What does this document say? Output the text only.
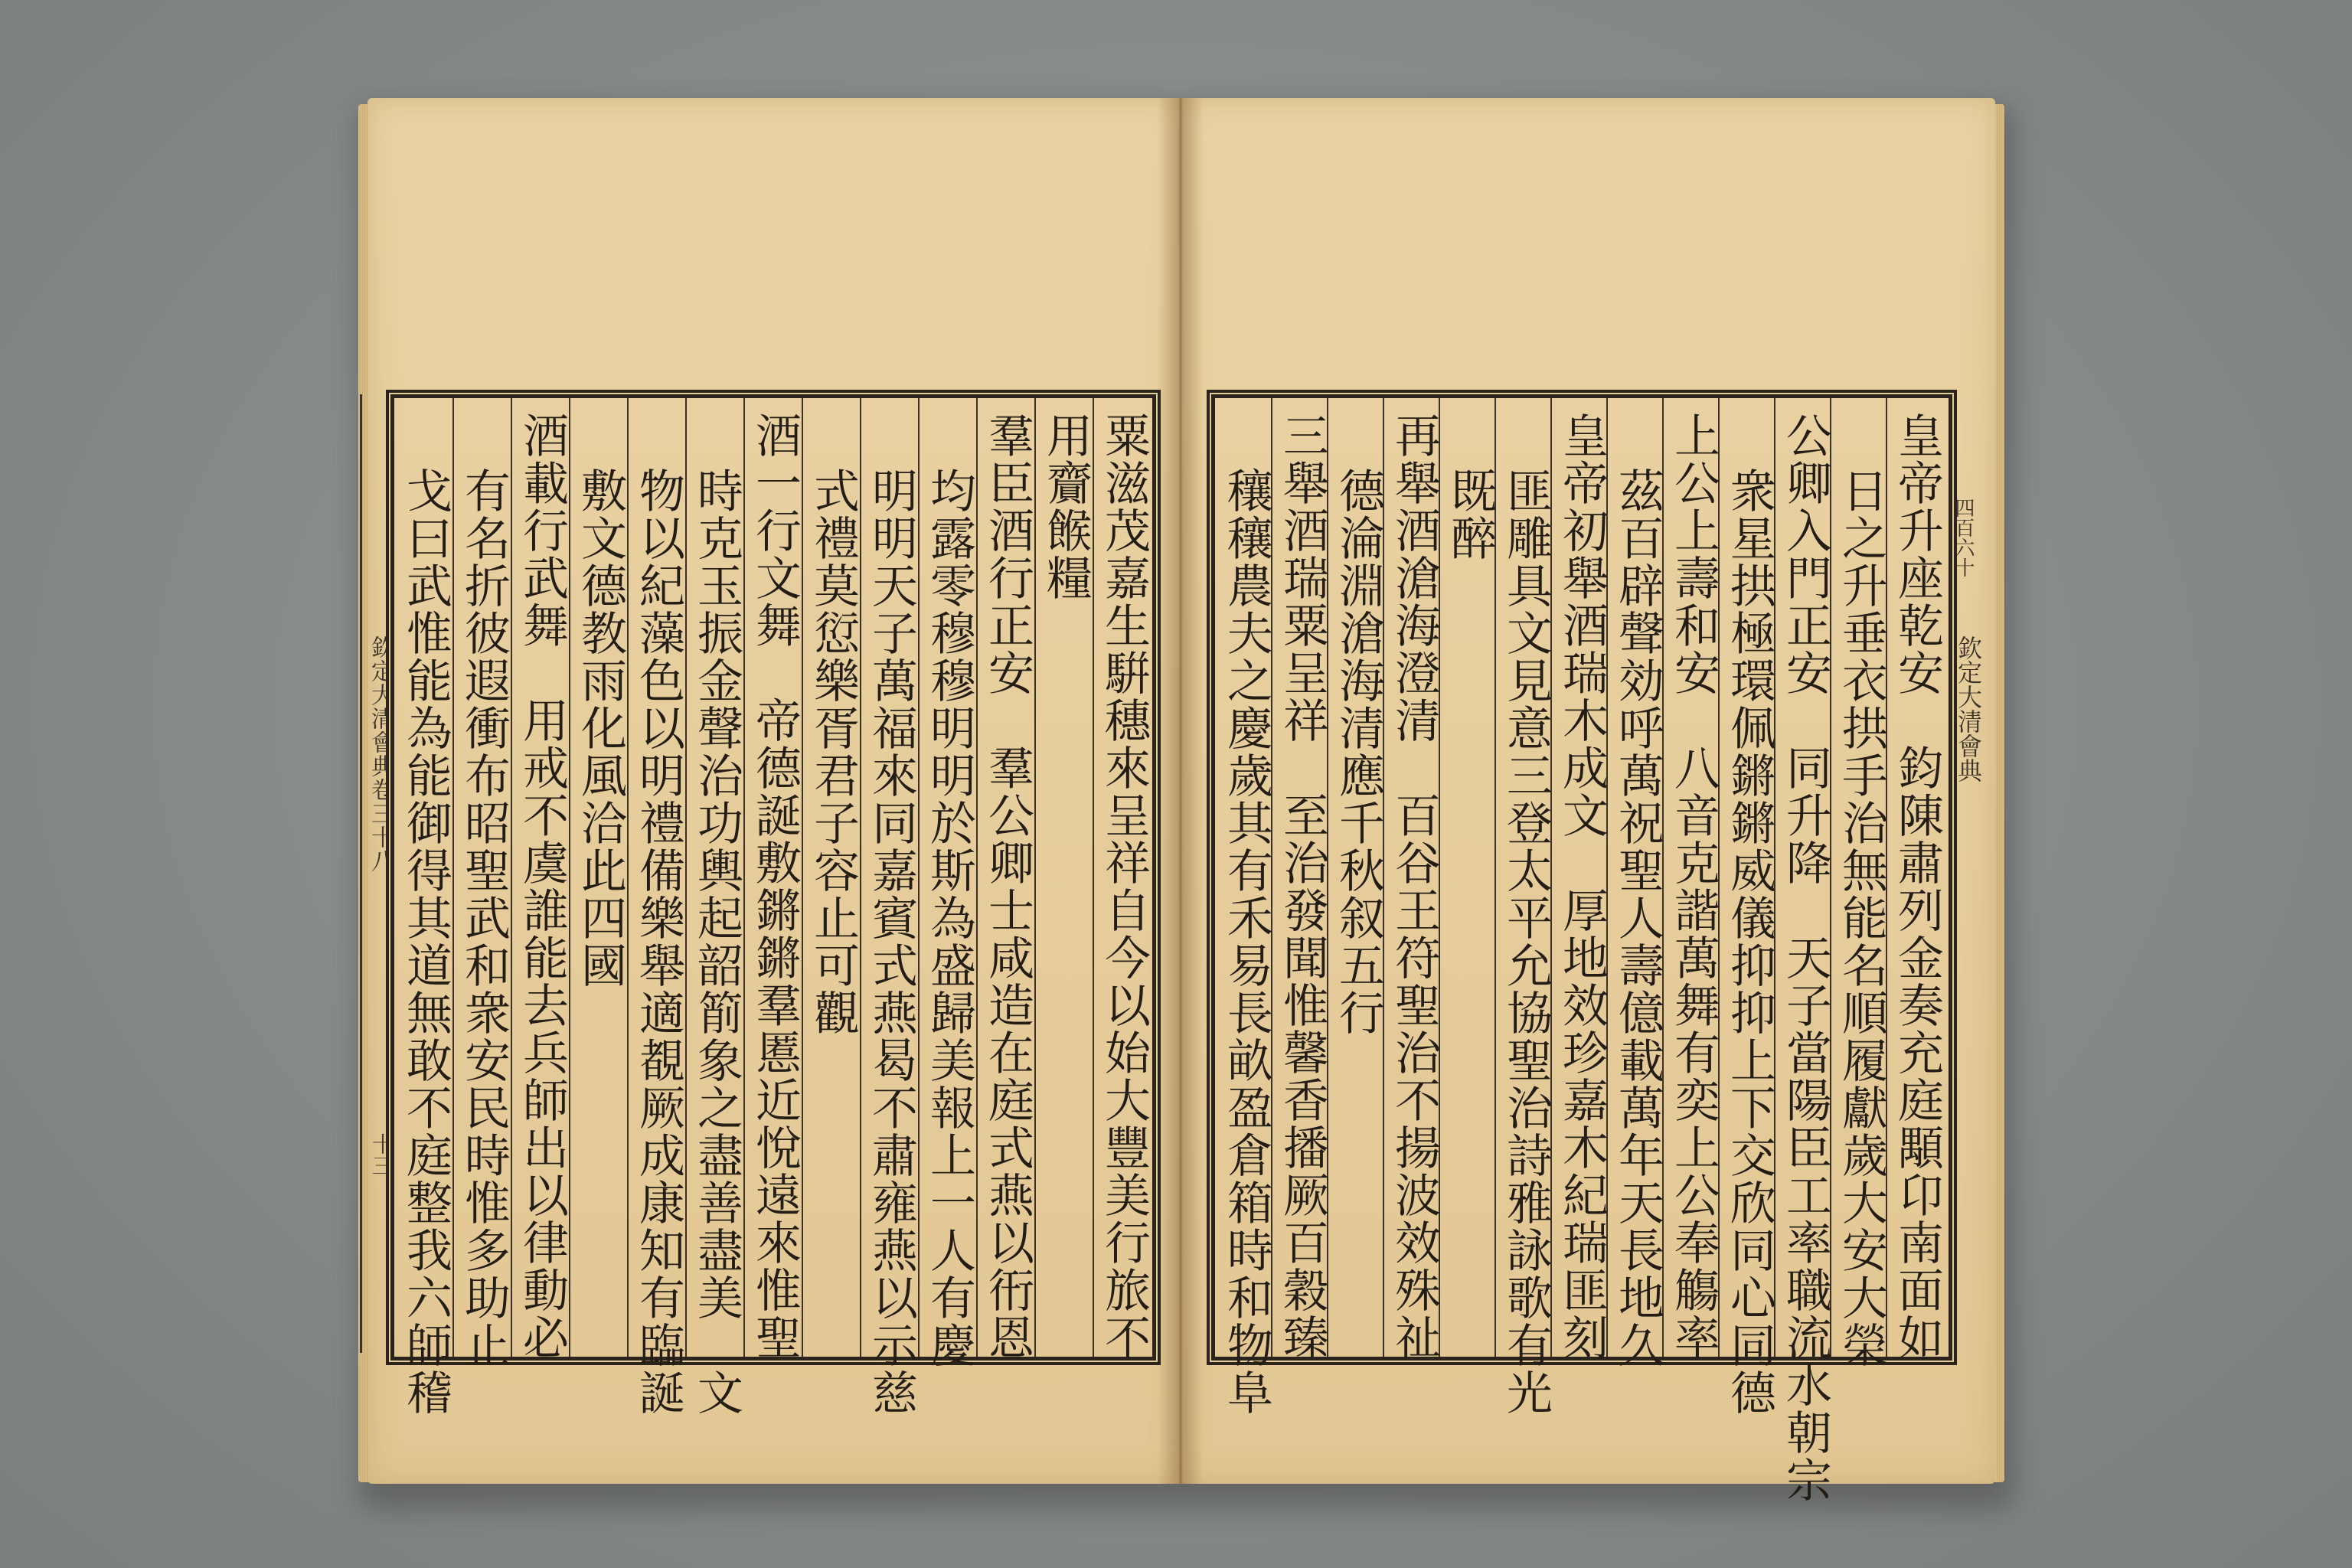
欽定大清會典卷三十八
十三	粟滋茂嘉生騈穗來呈祥自今以始大豐美行旅不
用齎餱糧
羣臣酒行正安　羣公卿士咸造在庭式燕以衎恩
均露零穆穆明明於斯為盛歸美報上一人有慶
明明天子萬福來同嘉賓式燕曷不肅雍燕以示慈
式禮莫愆樂胥君子容止可觀
酒一行文舞　帝德誕敷鏘鏘羣慝近悅遠來惟聖
時克玉振金聲治功輿起韶箾象之盡善盡美　文
物以紀藻色以明禮備樂舉適覩厥成康知有臨誕
敷文德教雨化風洽此四國
酒載行武舞　用戒不虞誰能去兵師出以律動必
有名折彼遐衝布昭聖武和衆安民時惟多助止
戈曰武惟能為能御得其道無敢不庭整我六師稽	四百六十
欽定大清會典
皇帝升座乾安　鈞陳肅列金奏充庭顒卬南面如
日之升垂衣拱手治無能名順履獻歲大安大榮
公卿入門正安　同升降　天子當陽臣工率職流水朝宗
衆星拱極環佩鏘鏘威儀抑抑上下交欣同心同德
上公上壽和安　八音克諧萬舞有奕上公奉觴率
茲百辟聲効呼萬祝聖人壽億載萬年天長地久
皇帝初舉酒瑞木成文　厚地效珍嘉木紀瑞匪刻
匪雕具文見意三登太平允協聖治詩雅詠歌有光
既醉
再舉酒滄海澄清　百谷王符聖治不揚波效殊祉
德淪淵滄海清應千秋叙五行
三舉酒瑞粟呈祥　至治發聞惟馨香播厥百穀臻
穰穰農夫之慶歲其有禾易長畝盈倉箱時和物阜
